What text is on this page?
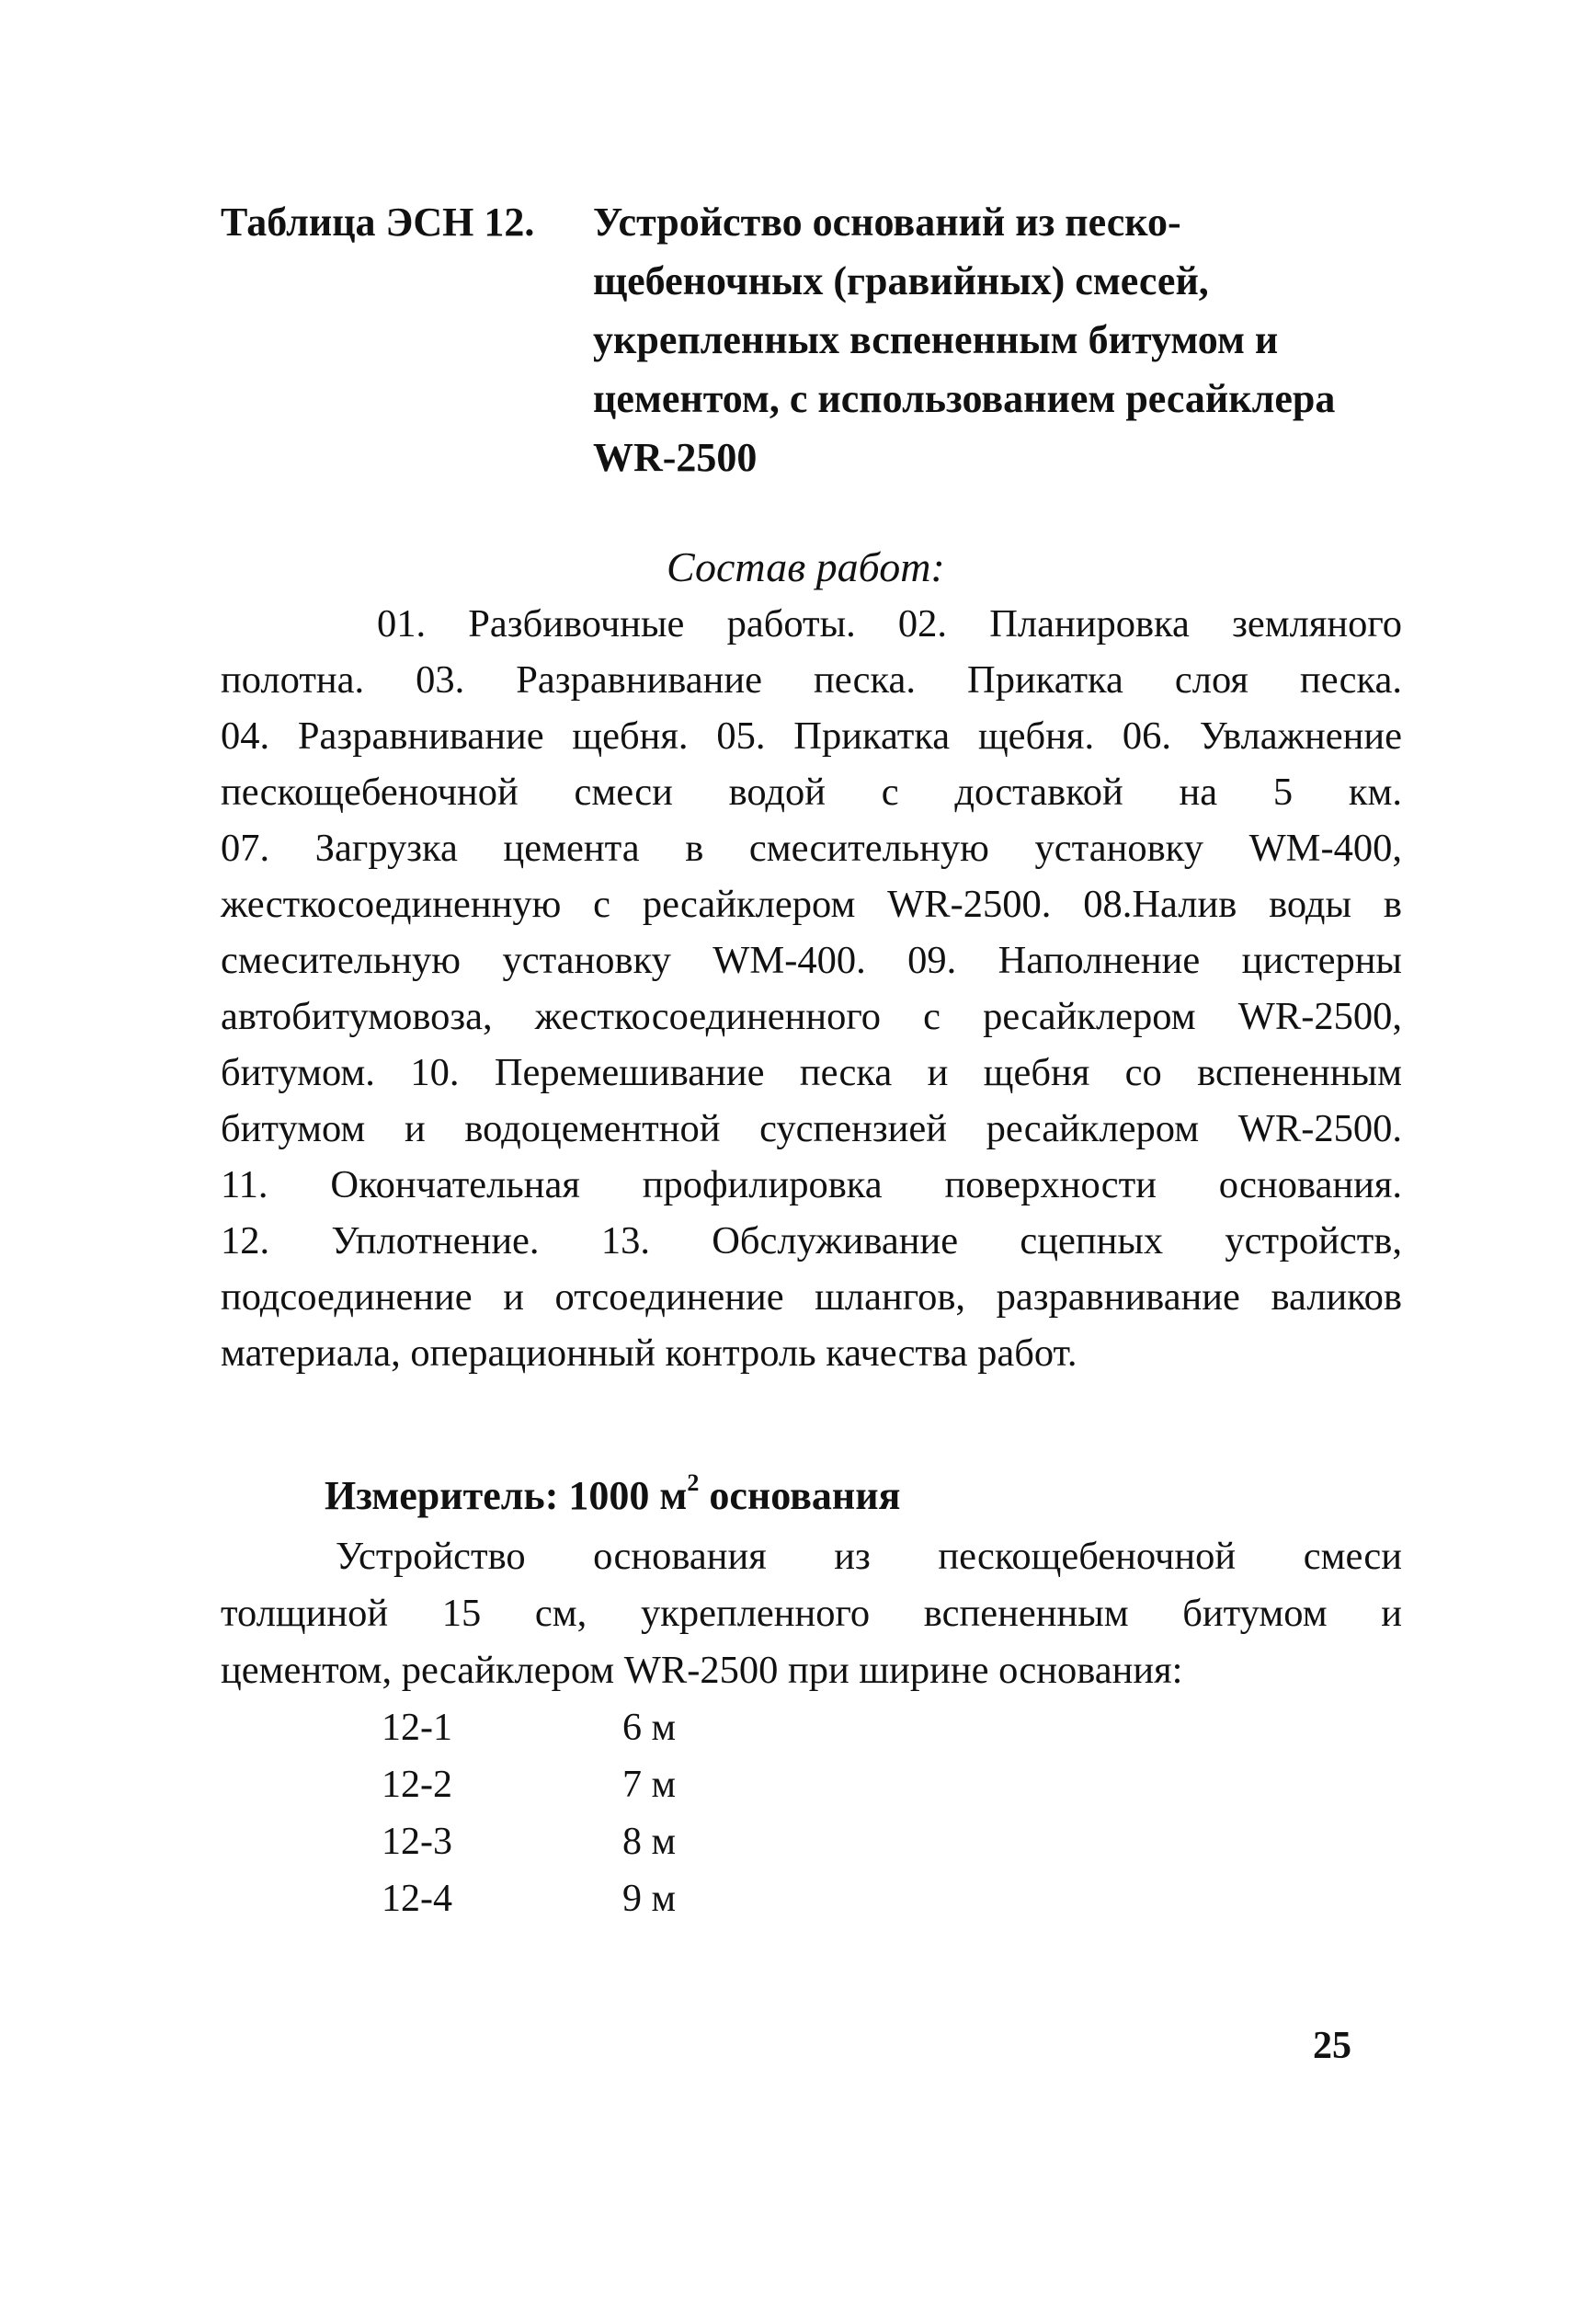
Таблица ЭСН 12. Устройство оснований из песко-
щебеночных (гравийных) смесей,
укрепленных вспененным битумом и
цементом, с использованием ресайклера
WR-2500
Состав работ:
01. Разбивочные работы. 02. Планировка земляного
полотна. 03. Разравнивание песка. Прикатка слоя песка.
04. Разравнивание щебня. 05. Прикатка щебня. 06. Увлажнение
пескощебеночной смеси водой с доставкой на 5 км.
07. Загрузка цемента в смесительную установку WM-400,
жесткосоединенную с ресайклером WR-2500. 08.Налив воды в
смесительную установку WM-400. 09. Наполнение цистерны
автобитумовоза, жесткосоединенного с ресайклером WR-2500,
битумом. 10. Перемешивание песка и щебня со вспененным
битумом и водоцементной суспензией ресайклером WR-2500.
11. Окончательная профилировка поверхности основания.
12. Уплотнение. 13. Обслуживание сцепных устройств,
подсоединение и отсоединение шлангов, разравнивание валиков
материала, операционный контроль качества работ.
Измеритель: 1000 $м^2$ основания
Устройство основания из пескощебеночной смеси
толщиной 15 см, укрепленного вспененным битумом и
цементом, ресайклером WR-2500 при ширине основания:
12-1	6 м
12-2	7 м
12-3	8 м
12-4	9 м
25
